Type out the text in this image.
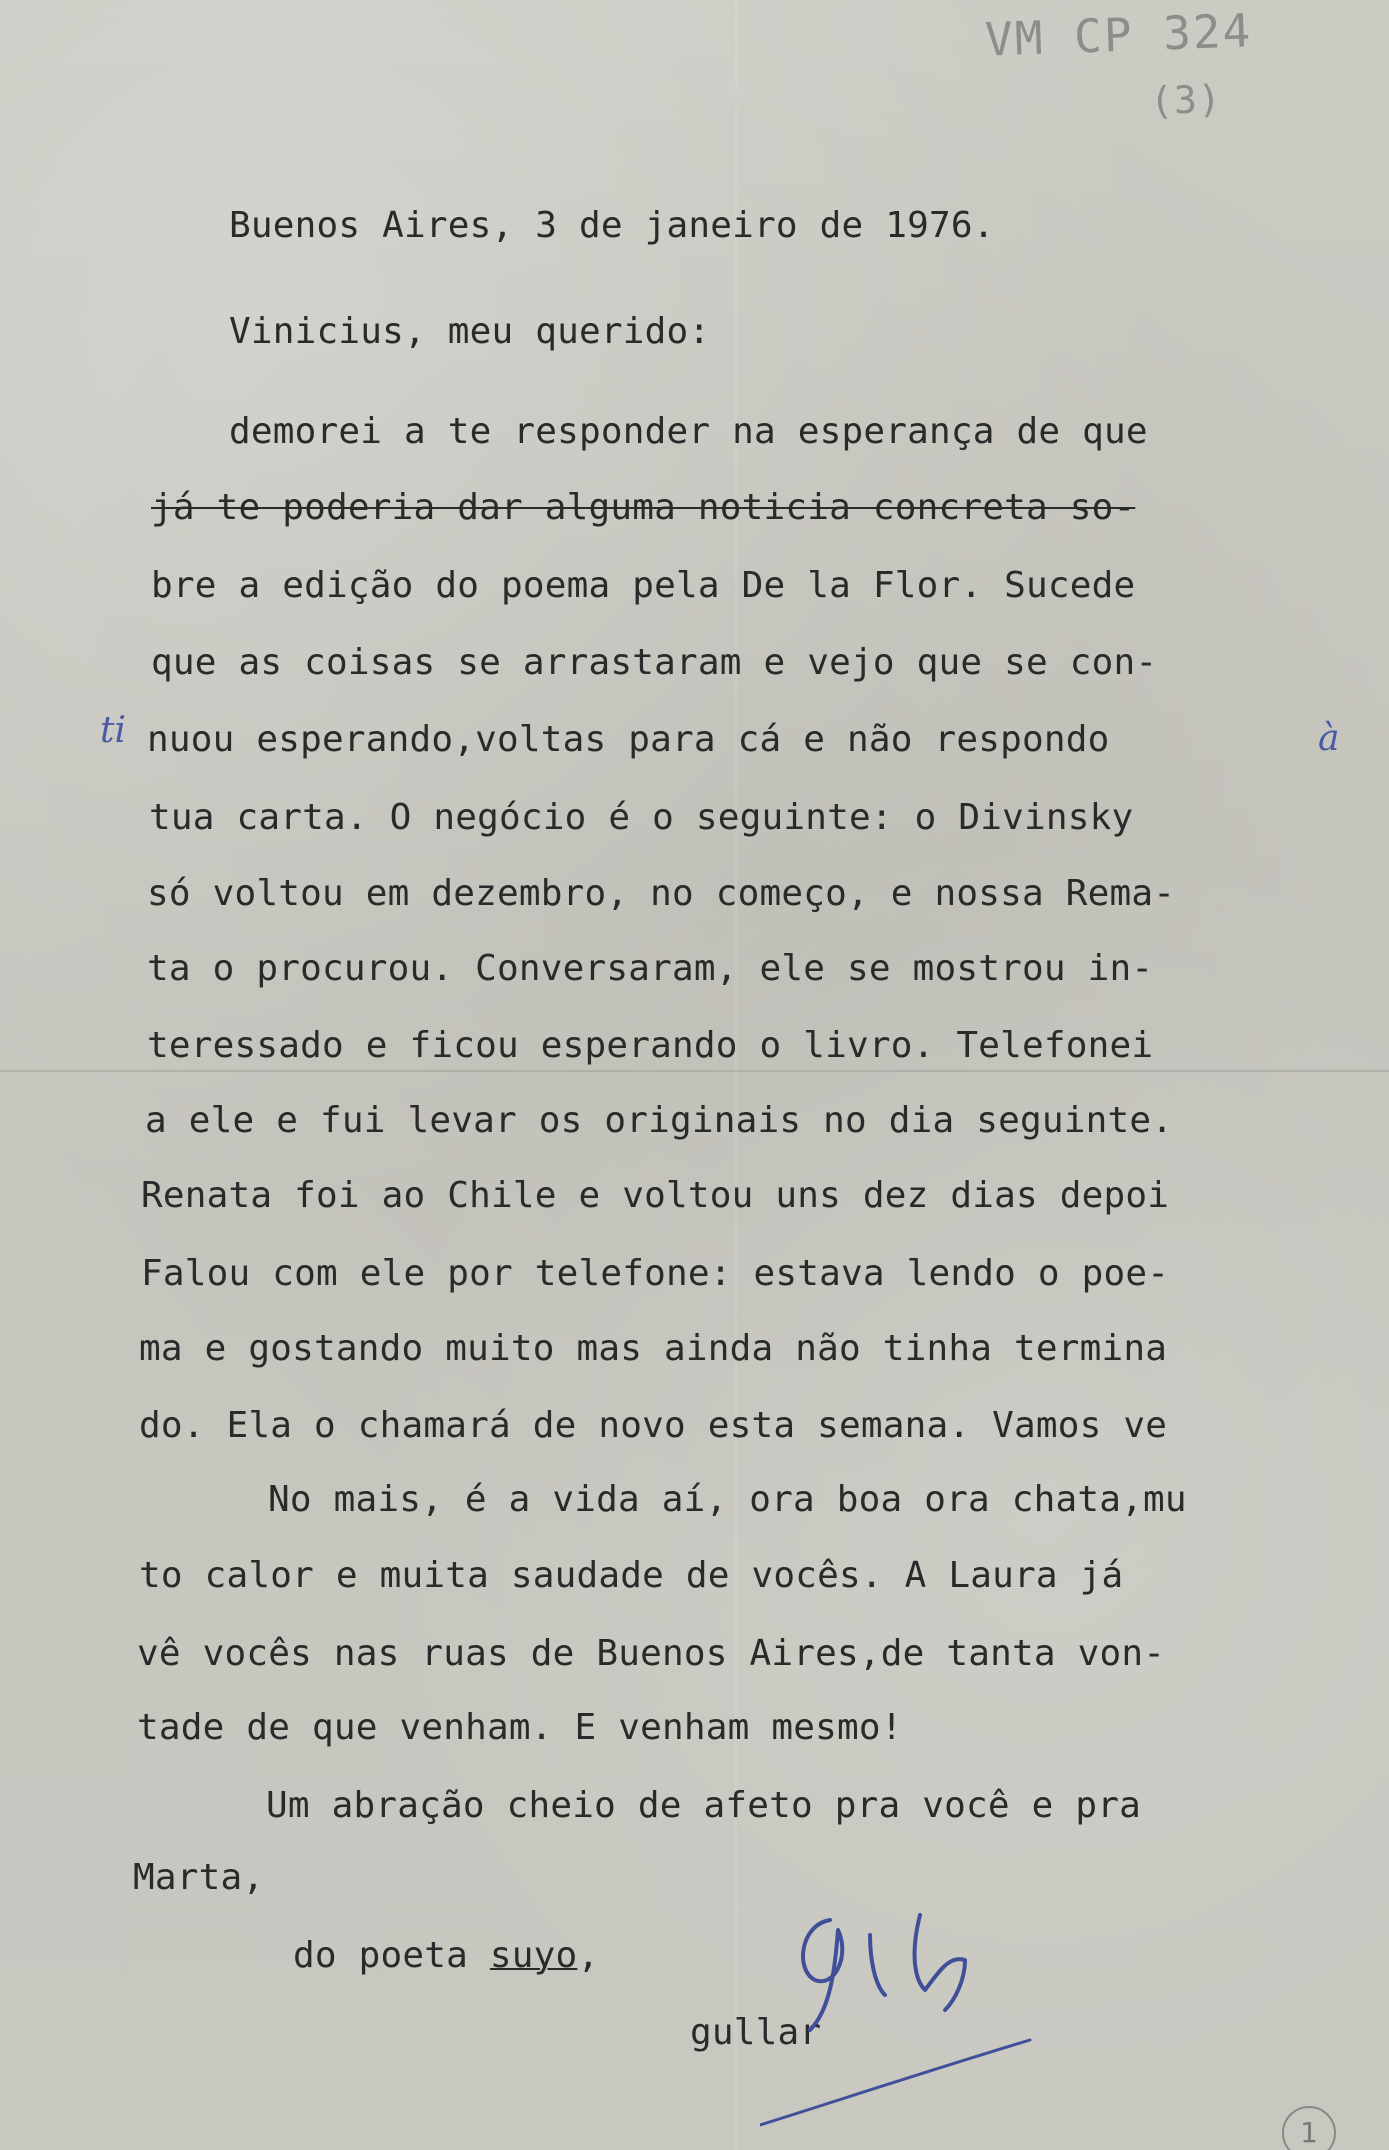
VM CP 324
(3)
Buenos Aires, 3 de janeiro de 1976.
Vinicius, meu querido:
demorei a te responder na esperança de que
já te poderia dar alguma noticia concreta so-
bre a edição do poema pela De la Flor. Sucede
que as coisas se arrastaram e vejo que se con-
ti nuou esperando,voltas para cá e não respondo	à
tua carta. O negócio é o seguinte: o Divinsky
só voltou em dezembro, no começo, e nossa Rema-
ta o procurou. Conversaram, ele se mostrou in-
teressado e ficou esperando o livro. Telefonei
a ele e fui levar os originais no dia seguinte.
Renata foi ao Chile e voltou uns dez dias depoi
Falou com ele por telefone: estava lendo o poe-
ma e gostando muito mas ainda não tinha termina
do. Ela o chamará de novo esta semana. Vamos ve
No mais, é a vida aí, ora boa ora chata,mu
to calor e muita saudade de vocês. A Laura já
vê vocês nas ruas de Buenos Aires,de tanta von-
tade de que venham. E venham mesmo!
Um abração cheio de afeto pra você e pra
Marta,
do poeta suyo,
gullar
1
